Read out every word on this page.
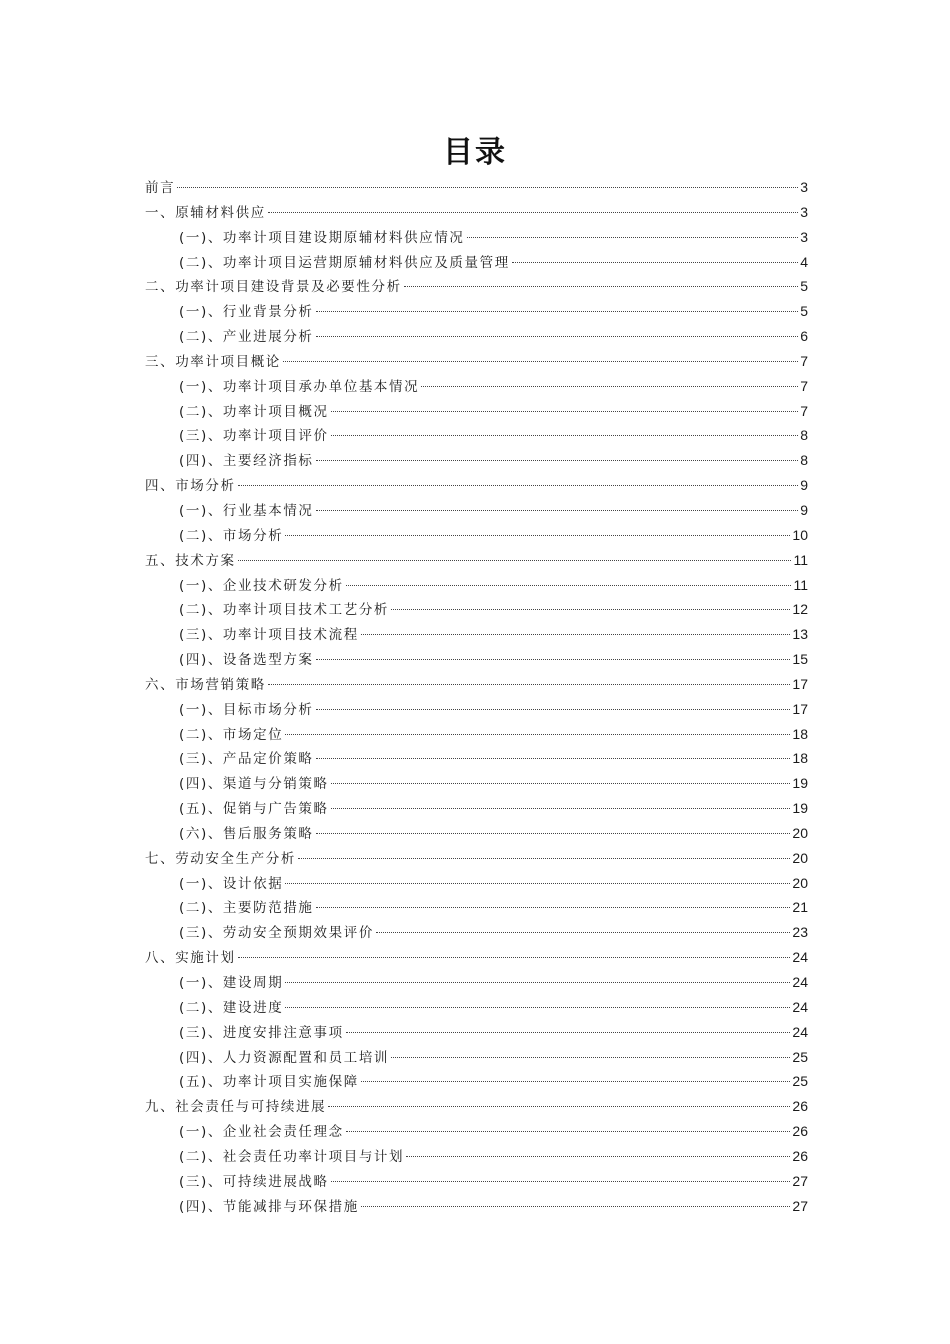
目录
前言	3
一、原辅材料供应	3
(一)、功率计项目建设期原辅材料供应情况	3
(二)、功率计项目运营期原辅材料供应及质量管理	4
二、功率计项目建设背景及必要性分析	5
(一)、行业背景分析	5
(二)、产业进展分析	6
三、功率计项目概论	7
(一)、功率计项目承办单位基本情况	7
(二)、功率计项目概况	7
(三)、功率计项目评价	8
(四)、主要经济指标	8
四、市场分析	9
(一)、行业基本情况	9
(二)、市场分析	10
五、技术方案	11
(一)、企业技术研发分析	11
(二)、功率计项目技术工艺分析	12
(三)、功率计项目技术流程	13
(四)、设备选型方案	15
六、市场营销策略	17
(一)、目标市场分析	17
(二)、市场定位	18
(三)、产品定价策略	18
(四)、渠道与分销策略	19
(五)、促销与广告策略	19
(六)、售后服务策略	20
七、劳动安全生产分析	20
(一)、设计依据	20
(二)、主要防范措施	21
(三)、劳动安全预期效果评价	23
八、实施计划	24
(一)、建设周期	24
(二)、建设进度	24
(三)、进度安排注意事项	24
(四)、人力资源配置和员工培训	25
(五)、功率计项目实施保障	25
九、社会责任与可持续进展	26
(一)、企业社会责任理念	26
(二)、社会责任功率计项目与计划	26
(三)、可持续进展战略	27
(四)、节能减排与环保措施	27
